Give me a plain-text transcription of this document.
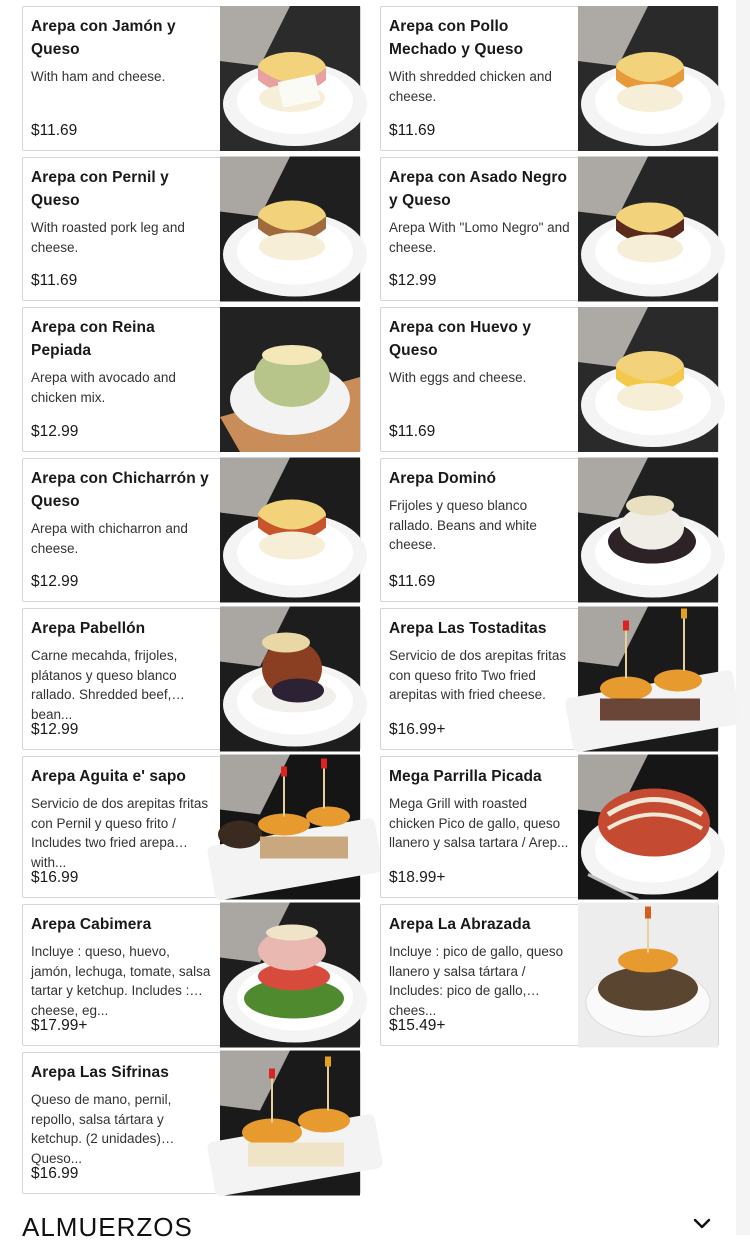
Arepa con Jamón y Queso
With ham and cheese.
$11.69
Arepa con Pollo Mechado y Queso
With shredded chicken and cheese.
$11.69
Arepa con Pernil y Queso
With roasted pork leg and cheese.
$11.69
Arepa con Asado Negro y Queso
Arepa With "Lomo Negro" and cheese.
$12.99
Arepa con Reina Pepiada
Arepa with avocado and chicken mix.
$12.99
Arepa con Huevo y Queso
With eggs and cheese.
$11.69
Arepa con Chicharrón y Queso
Arepa with chicharron and cheese.
$12.99
Arepa Dominó
Frijoles y queso blanco rallado. Beans and white cheese.
$11.69
Arepa Pabellón
Carne mecahda, frijoles, plátanos y queso blanco rallado. Shredded beef, bean...
$12.99
Arepa Las Tostaditas
Servicio de dos arepitas fritas con queso frito Two fried arepitas with fried cheese.
$16.99+
Arepa Aguita e' sapo
Servicio de dos arepitas fritas con Pernil y queso frito / Includes two fried arepa with...
$16.99
Mega Parrilla Picada
Mega Grill with roasted chicken Pico de gallo, queso llanero y salsa tartara / Arep...
$18.99+
Arepa Cabimera
Incluye : queso, huevo, jamón, lechuga, tomate, salsa tartar y ketchup. Includes : cheese, eg...
$17.99+
Arepa La Abrazada
Incluye : pico de gallo, queso llanero y salsa tártara / Includes: pico de gallo, chees...
$15.49+
Arepa Las Sifrinas
Queso de mano, pernil, repollo, salsa tártara y ketchup. (2 unidades) Queso...
$16.99
ALMUERZOS
